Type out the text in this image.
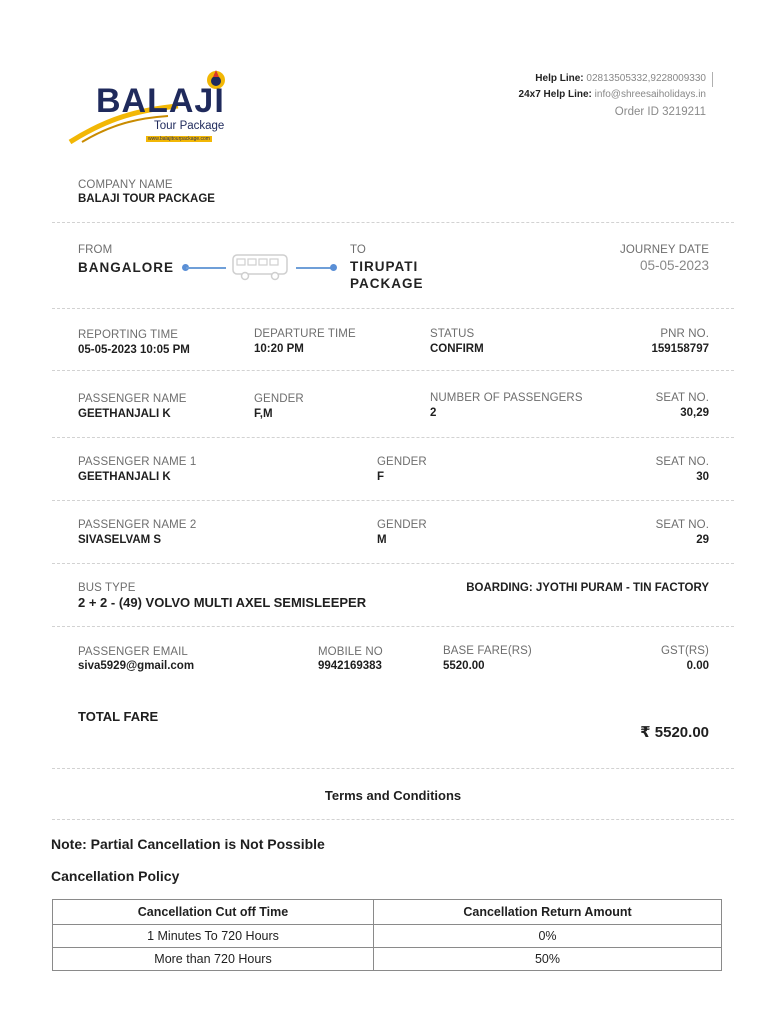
BALAJI
Tour Package
www.balajitourpackage.com
Help Line: 02813505332,9228009330
24x7 Help Line: info@shreesaiholidays.in
Order ID 3219211
COMPANY NAME
BALAJI TOUR PACKAGE
FROM
BANGALORE
TO
TIRUPATI
PACKAGE
JOURNEY DATE
05-05-2023
REPORTING TIME
05-05-2023 10:05 PM
DEPARTURE TIME
10:20 PM
STATUS
CONFIRM
PNR NO.
159158797
PASSENGER NAME
GEETHANJALI K
GENDER
F,M
NUMBER OF PASSENGERS
2
SEAT NO.
30,29
PASSENGER NAME 1
GEETHANJALI K
GENDER
F
SEAT NO.
30
PASSENGER NAME 2
SIVASELVAM S
GENDER
M
SEAT NO.
29
BUS TYPE
2 + 2 - (49) VOLVO MULTI AXEL SEMISLEEPER
BOARDING: JYOTHI PURAM - TIN FACTORY
PASSENGER EMAIL
siva5929@gmail.com
MOBILE NO
9942169383
BASE FARE(RS)
5520.00
GST(RS)
0.00
TOTAL FARE
₹ 5520.00
Terms and Conditions
Note: Partial Cancellation is Not Possible
Cancellation Policy
Cancellation Cut off Time	Cancellation Return Amount
1 Minutes To 720 Hours	0%
More than 720 Hours	50%
